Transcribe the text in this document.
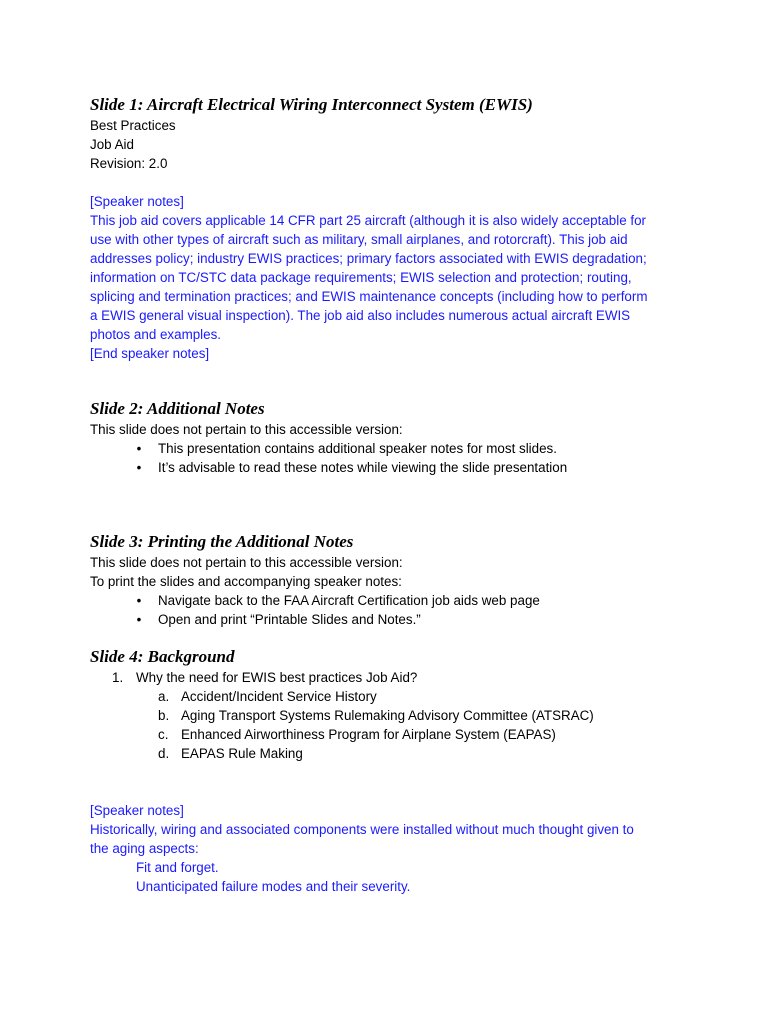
Slide 1: Aircraft Electrical Wiring Interconnect System (EWIS)
Best Practices
Job Aid
Revision: 2.0
[Speaker notes]
This job aid covers applicable 14 CFR part 25 aircraft (although it is also widely acceptable for
use with other types of aircraft such as military, small airplanes, and rotorcraft). This job aid
addresses policy; industry EWIS practices; primary factors associated with EWIS degradation;
information on TC/STC data package requirements; EWIS selection and protection; routing,
splicing and termination practices; and EWIS maintenance concepts (including how to perform
a EWIS general visual inspection). The job aid also includes numerous actual aircraft EWIS
photos and examples.
[End speaker notes]
Slide 2: Additional Notes
This slide does not pertain to this accessible version:
• This presentation contains additional speaker notes for most slides.
• It’s advisable to read these notes while viewing the slide presentation
Slide 3: Printing the Additional Notes
This slide does not pertain to this accessible version:
To print the slides and accompanying speaker notes:
• Navigate back to the FAA Aircraft Certification job aids web page
• Open and print “Printable Slides and Notes.”
Slide 4: Background
1. Why the need for EWIS best practices Job Aid?
a. Accident/Incident Service History
b. Aging Transport Systems Rulemaking Advisory Committee (ATSRAC)
c. Enhanced Airworthiness Program for Airplane System (EAPAS)
d. EAPAS Rule Making
[Speaker notes]
Historically, wiring and associated components were installed without much thought given to
the aging aspects:
Fit and forget.
Unanticipated failure modes and their severity.
